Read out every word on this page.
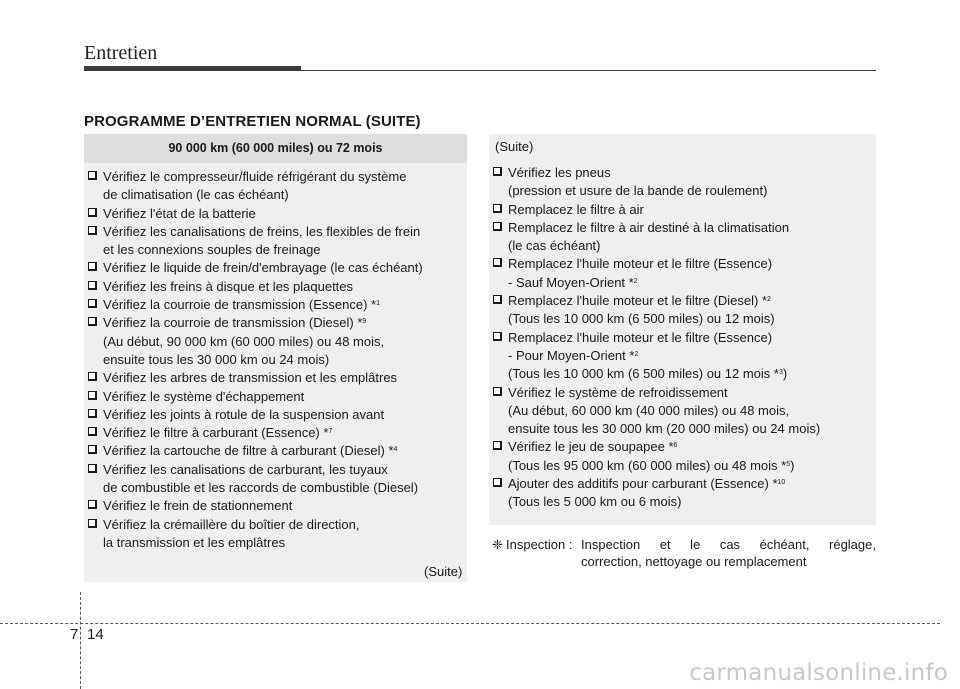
Entretien
PROGRAMME D’ENTRETIEN NORMAL (SUITE)
90 000 km (60 000 miles) ou 72 mois
Vérifiez le compresseur/fluide réfrigérant du système
de climatisation (le cas échéant)
Vérifiez l'état de la batterie
Vérifiez les canalisations de freins, les flexibles de frein
et les connexions souples de freinage
Vérifiez le liquide de frein/d'embrayage (le cas échéant)
Vérifiez les freins à disque et les plaquettes
Vérifiez la courroie de transmission (Essence) *$^1$
Vérifiez la courroie de transmission (Diesel) *$^9$
(Au début, 90 000 km (60 000 miles) ou 48 mois,
ensuite tous les 30 000 km ou 24 mois)
Vérifiez les arbres de transmission et les emplâtres
Vérifiez le système d'échappement
Vérifiez les joints à rotule de la suspension avant
Vérifiez le filtre à carburant (Essence) *$^7$
Vérifiez la cartouche de filtre à carburant (Diesel) *$^4$
Vérifiez les canalisations de carburant, les tuyaux
de combustible et les raccords de combustible (Diesel)
Vérifiez le frein de stationnement
Vérifiez la crémaillère du boîtier de direction,
la transmission et les emplâtres
(Suite)
(Suite)
Vérifiez les pneus
(pression et usure de la bande de roulement)
Remplacez le filtre à air
Remplacez le filtre à air destiné à la climatisation
(le cas échéant)
Remplacez l'huile moteur et le filtre (Essence)
- Sauf Moyen-Orient *$^2$
Remplacez l'huile moteur et le filtre (Diesel) *$^2$
(Tous les 10 000 km (6 500 miles) ou 12 mois)
Remplacez l'huile moteur et le filtre (Essence)
- Pour Moyen-Orient *$^2$
(Tous les 10 000 km (6 500 miles) ou 12 mois *$^3$)
Vérifiez le système de refroidissement
(Au début, 60 000 km (40 000 miles) ou 48 mois,
ensuite tous les 30 000 km (20 000 miles) ou 24 mois)
Vérifiez le jeu de soupapee *$^6$
(Tous les 95 000 km (60 000 miles) ou 48 mois *$^5$)
Ajouter des additifs pour carburant (Essence) *$^{10}$
(Tous les 5 000 km ou 6 mois)
❈ Inspection : Inspection et le cas échéant, réglage,
correction, nettoyage ou remplacement
7 14
carmanualsonline.info
